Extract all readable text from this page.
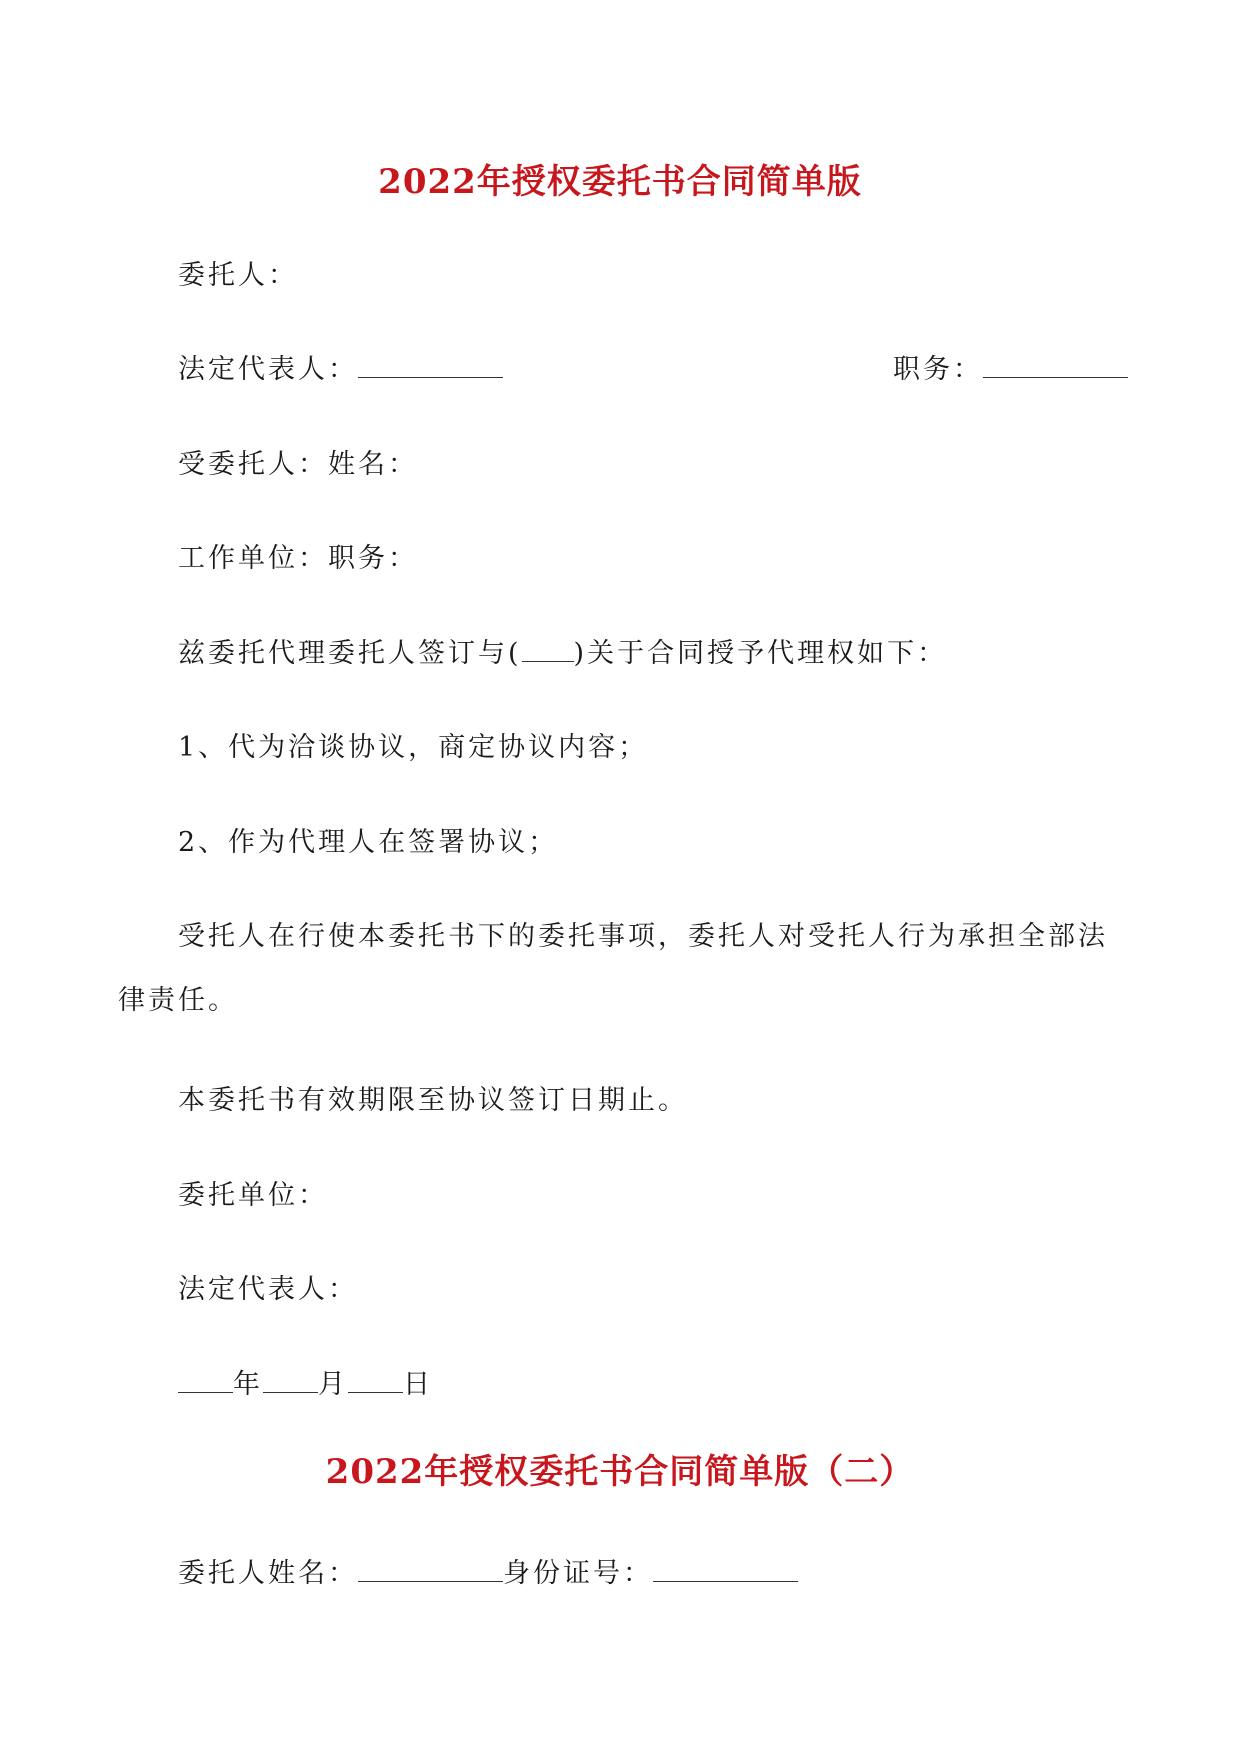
2022年授权委托书合同简单版

委托人：

法定代表人：	职务：

受委托人：姓名：

工作单位：职务：

兹委托代理委托人签订与( )关于合同授予代理权如下：

1、代为洽谈协议，商定协议内容；

2、作为代理人在签署协议；

受托人在行使本委托书下的委托事项，委托人对受托人行为承担全部法律责任。

本委托书有效期限至协议签订日期止。

委托单位：

法定代表人：

年 月 日

2022年授权委托书合同简单版（二）

委托人姓名：	身份证号：
